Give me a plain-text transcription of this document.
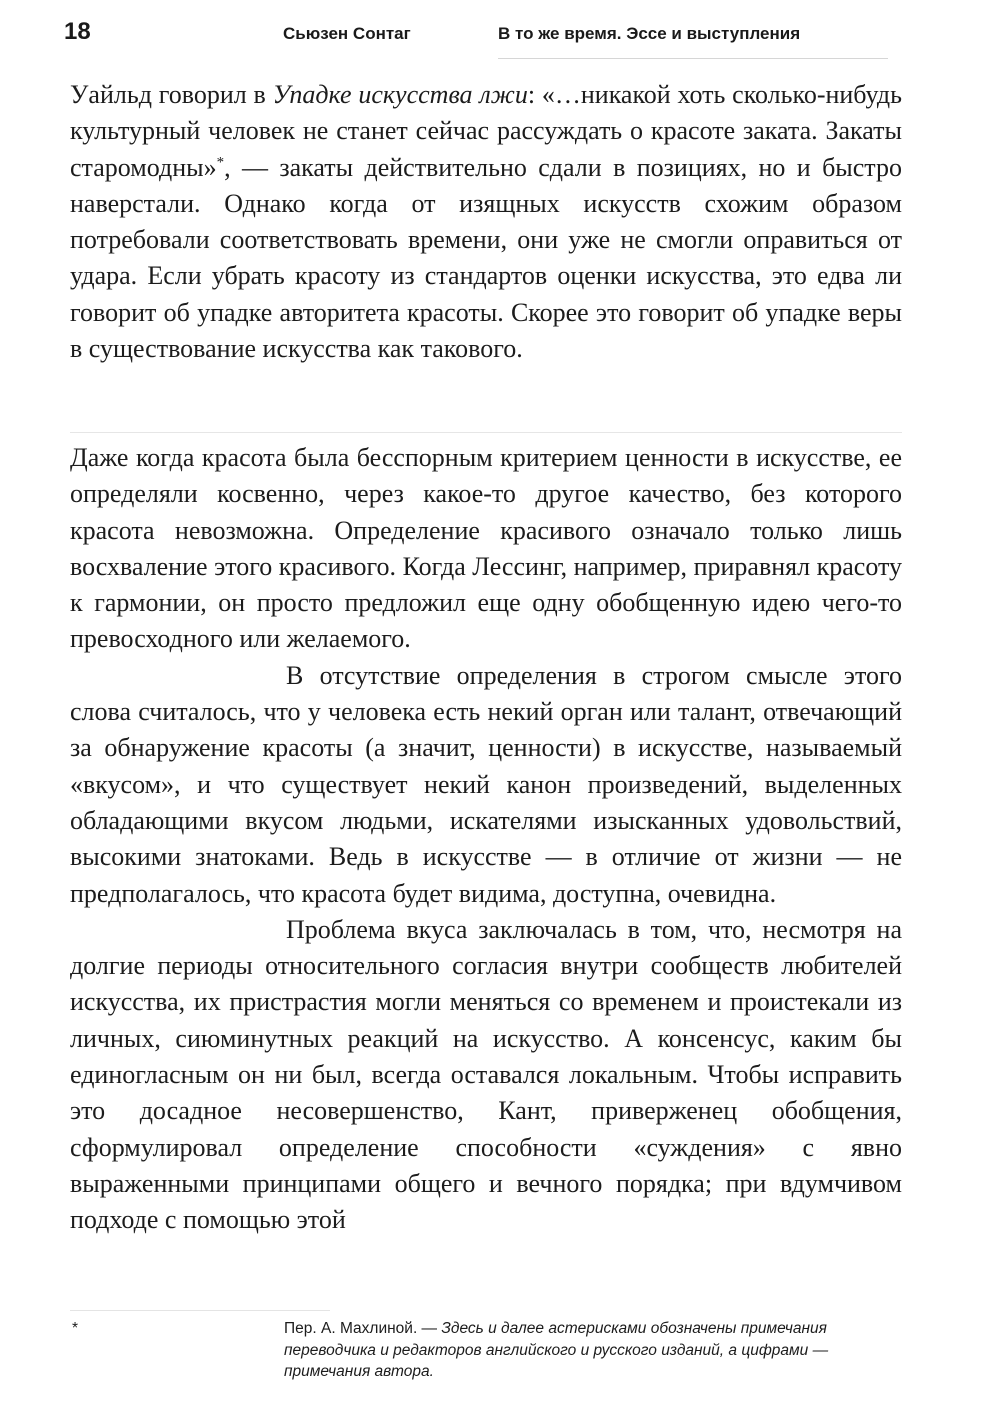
18	Сьюзен Сонтаг	В то же время. Эссе и выступления

Уайльд говорил в Упадке искусства лжи: «…никакой хоть сколько-нибудь культурный человек не станет сейчас рассуждать о красоте заката. Закаты старомодны»*, — закаты действительно сдали в позициях, но и быстро наверстали. Однако когда от изящных искусств схожим образом потребовали соответствовать времени, они уже не смогли оправиться от удара. Если убрать красоту из стандартов оценки искусства, это едва ли говорит об упадке авторитета красоты. Скорее это говорит об упадке веры в существование искусства как такового.

Даже когда красота была бесспорным критерием ценности в искусстве, ее определяли косвенно, через какое-то другое качество, без которого красота невозможна. Определение красивого означало только лишь восхваление этого красивого. Когда Лессинг, например, приравнял красоту к гармонии, он просто предложил еще одну обобщенную идею чего-то превосходного или желаемого.

В отсутствие определения в строгом смысле этого слова считалось, что у человека есть некий орган или талант, отвечающий за обнаружение красоты (а значит, ценности) в искусстве, называемый «вкусом», и что существует некий канон произведений, выделенных обладающими вкусом людьми, искателями изысканных удовольствий, высокими знатоками. Ведь в искусстве — в отличие от жизни — не предполагалось, что красота будет видима, доступна, очевидна.

Проблема вкуса заключалась в том, что, несмотря на долгие периоды относительного согласия внутри сообществ любителей искусства, их пристрастия могли меняться со временем и проистекали из личных, сиюминутных реакций на искусство. А консенсус, каким бы единогласным он ни был, всегда оставался локальным. Чтобы исправить это досадное несовершенство, Кант, приверженец обобщения, сформулировал определение способности «суждения» с явно выраженными принципами общего и вечного порядка; при вдумчивом подходе с помощью этой

*	Пер. А. Махлиной. — Здесь и далее астерисками обозначены примечания переводчика и редакторов английского и русского изданий, а цифрами — примечания автора.
